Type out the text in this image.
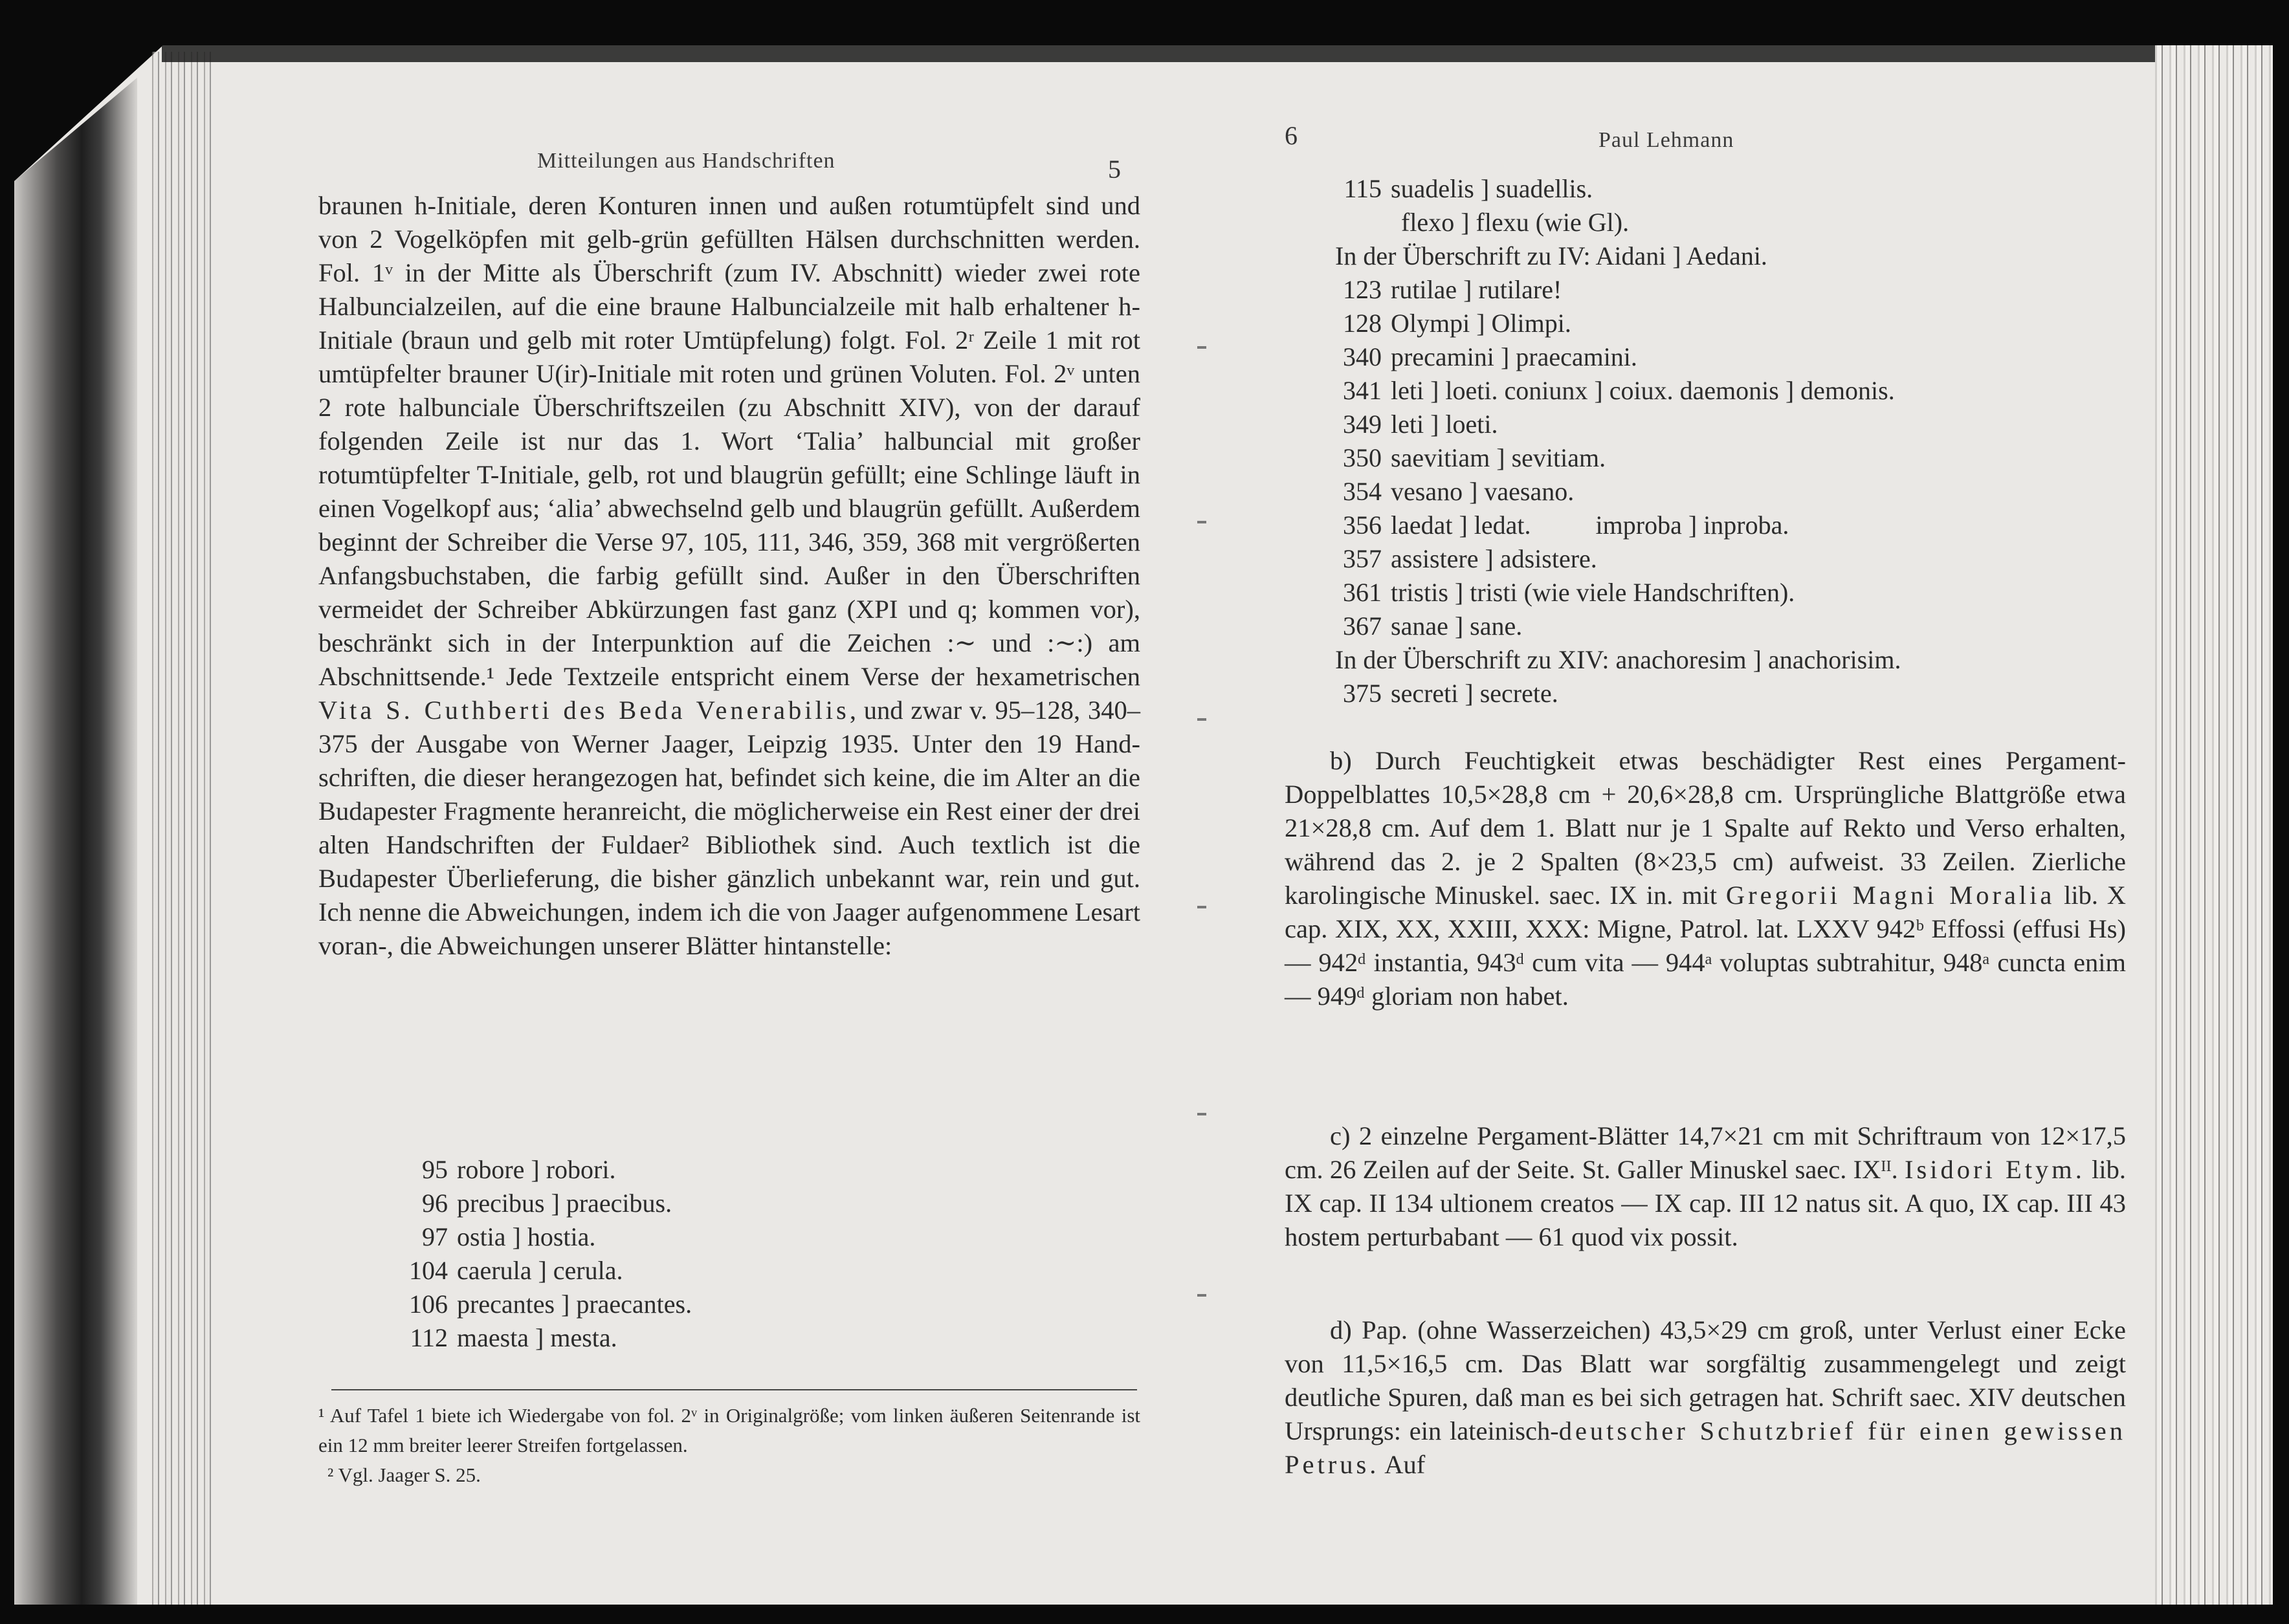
Mitteilungen aus Handschriften	5

braunen h-Initiale, deren Konturen innen und außen rotumtüpfelt sind und von 2 Vogelköpfen mit gelb-grün gefüllten Hälsen durchschnitten werden. Fol. 1ᵛ in der Mitte als Überschrift (zum IV. Abschnitt) wieder zwei rote Halbuncialzeilen, auf die eine braune Halbuncialzeile mit halb erhaltener h-Initiale (braun und gelb mit roter Umtüpfelung) folgt. Fol. 2ʳ Zeile 1 mit rot umtüpfelter brauner U(ir)-Initiale mit roten und grünen Voluten. Fol. 2ᵛ unten 2 rote halbunciale Überschriftszeilen (zu Abschnitt XIV), von der darauf folgenden Zeile ist nur das 1. Wort ‘Talia’ halbuncial mit großer rotumtüpfelter T-Initiale, gelb, rot und blaugrün gefüllt; eine Schlinge läuft in einen Vogelkopf aus; ‘alia’ abwechselnd gelb und blaugrün gefüllt. Außerdem beginnt der Schreiber die Verse 97, 105, 111, 346, 359, 368 mit vergrößerten Anfangsbuchstaben, die farbig gefüllt sind. Außer in den Überschriften vermeidet der Schreiber Abkürzungen fast ganz (XPI und q; kommen vor), beschränkt sich in der Interpunktion auf die Zeichen :∼ und :∼:) am Abschnittsende.¹ Jede Textzeile entspricht einem Verse der hexametrischen Vita S. Cuthberti des Beda Venerabilis, und zwar v. 95–128, 340–375 der Ausgabe von Werner Jaager, Leipzig 1935. Unter den 19 Handschriften, die dieser herangezogen hat, befindet sich keine, die im Alter an die Budapester Fragmente heranreicht, die möglicherweise ein Rest einer der drei alten Handschriften der Fuldaer² Bibliothek sind. Auch textlich ist die Budapester Überlieferung, die bisher gänzlich unbekannt war, rein und gut. Ich nenne die Abweichungen, indem ich die von Jaager aufgenommene Lesart voran-, die Abweichungen unserer Blätter hintanstelle:

95 robore ] robori.
96 precibus ] praecibus.
97 ostia ] hostia.
104 caerula ] cerula.
106 precantes ] praecantes.
112 maesta ] mesta.

¹ Auf Tafel 1 biete ich Wiedergabe von fol. 2ᵛ in Originalgröße; vom linken äußeren Seitenrande ist ein 12 mm breiter leerer Streifen fortgelassen.

² Vgl. Jaager S. 25.

6	Paul Lehmann
115 suadelis ] suadellis.
flexo ] flexu (wie Gl).
In der Überschrift zu IV: Aidani ] Aedani.
123 rutilae ] rutilare!
128 Olympi ] Olimpi.
340 precamini ] praecamini.
341 leti ] loeti. coniunx ] coiux. daemonis ] demonis.
349 leti ] loeti.
350 saevitiam ] sevitiam.
354 vesano ] vaesano.
356 laedat ] ledat.          improba ] inproba.
357 assistere ] adsistere.
361 tristis ] tristi (wie viele Handschriften).
367 sanae ] sane.
In der Überschrift zu XIV: anachoresim ] anachorisim.
375 secreti ] secrete.

b) Durch Feuchtigkeit etwas beschädigter Rest eines Pergament-Doppelblattes 10,5×28,8 cm + 20,6×28,8 cm. Ursprüngliche Blattgröße etwa 21×28,8 cm. Auf dem 1. Blatt nur je 1 Spalte auf Rekto und Verso erhalten, während das 2. je 2 Spalten (8×23,5 cm) aufweist. 33 Zeilen. Zierliche karolingische Minuskel. saec. IX in. mit Gregorii Magni Moralia lib. X cap. XIX, XX, XXIII, XXX: Migne, Patrol. lat. LXXV 942ᵇ Effossi (effusi Hs) — 942ᵈ instantia, 943ᵈ cum vita — 944ᵃ voluptas subtrahitur, 948ᵃ cuncta enim — 949ᵈ gloriam non habet.

c) 2 einzelne Pergament-Blätter 14,7×21 cm mit Schriftraum von 12×17,5 cm. 26 Zeilen auf der Seite. St. Galler Minuskel saec. IXᴵᴵ. Isidori Etym. lib. IX cap. II 134 ultionem creatos — IX cap. III 12 natus sit. A quo, IX cap. III 43 hostem perturbabant — 61 quod vix possit.

d) Pap. (ohne Wasserzeichen) 43,5×29 cm groß, unter Verlust einer Ecke von 11,5×16,5 cm. Das Blatt war sorgfältig zusammengelegt und zeigt deutliche Spuren, daß man es bei sich getragen hat. Schrift saec. XIV deutschen Ursprungs: ein lateinisch-deutscher Schutzbrief für einen gewissen Petrus. Auf
